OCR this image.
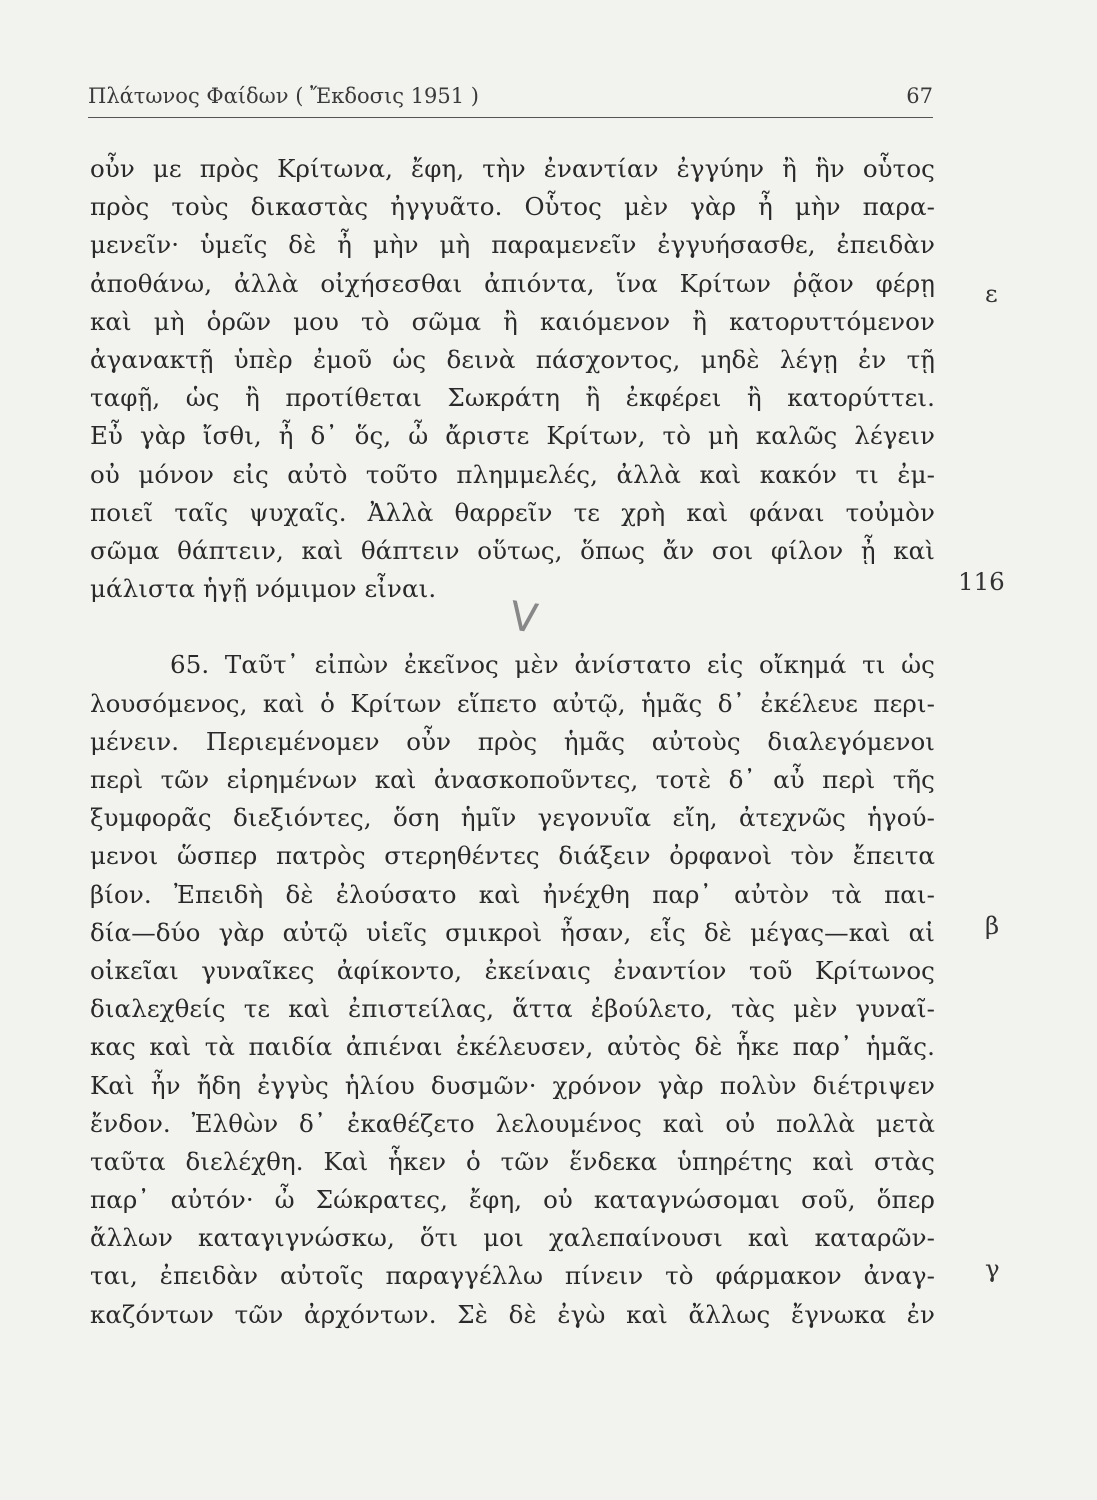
Πλάτωνος Φαίδων ( Ἔκδοσις 1951 )	67
οὖν με πρὸς Κρίτωνα, ἔφη, τὴν ἐναντίαν ἐγγύην ἢ ἣν οὗτος
πρὸς τοὺς δικαστὰς ἠγγυᾶτο. Οὗτος μὲν γὰρ ἦ μὴν παρα-
μενεῖν· ὑμεῖς δὲ ἦ μὴν μὴ παραμενεῖν ἐγγυήσασθε, ἐπειδὰν
ἀποθάνω, ἀλλὰ οἰχήσεσθαι ἀπιόντα, ἵνα Κρίτων ῥᾷον φέρῃ
καὶ μὴ ὁρῶν μου τὸ σῶμα ἢ καιόμενον ἢ κατορυττόμενον
ἀγανακτῇ ὑπὲρ ἐμοῦ ὡς δεινὰ πάσχοντος, μηδὲ λέγῃ ἐν τῇ
ταφῇ, ὡς ἢ προτίθεται Σωκράτη ἢ ἐκφέρει ἢ κατορύττει.
Εὖ γὰρ ἴσθι, ἦ δ᾽ ὅς, ὦ ἄριστε Κρίτων, τὸ μὴ καλῶς λέγειν
οὐ μόνον εἰς αὐτὸ τοῦτο πλημμελές, ἀλλὰ καὶ κακόν τι ἐμ-
ποιεῖ ταῖς ψυχαῖς. Ἀλλὰ θαρρεῖν τε χρὴ καὶ φάναι τοὐμὸν
σῶμα θάπτειν, καὶ θάπτειν οὕτως, ὅπως ἄν σοι φίλον ᾖ καὶ
μάλιστα ἡγῇ νόμιμον εἶναι.
65. Ταῦτ᾽ εἰπὼν ἐκεῖνος μὲν ἀνίστατο εἰς οἴκημά τι ὡς
λουσόμενος, καὶ ὁ Κρίτων εἵπετο αὐτῷ, ἡμᾶς δ᾽ ἐκέλευε περι-
μένειν. Περιεμένομεν οὖν πρὸς ἡμᾶς αὐτοὺς διαλεγόμενοι
περὶ τῶν εἰρημένων καὶ ἀνασκοποῦντες, τοτὲ δ᾽ αὖ περὶ τῆς
ξυμφορᾶς διεξιόντες, ὅση ἡμῖν γεγονυῖα εἴη, ἀτεχνῶς ἡγού-
μενοι ὥσπερ πατρὸς στερηθέντες διάξειν ὀρφανοὶ τὸν ἔπειτα
βίον. Ἐπειδὴ δὲ ἐλούσατο καὶ ἠνέχθη παρ᾽ αὐτὸν τὰ παι-
δία—δύο γὰρ αὐτῷ υἱεῖς σμικροὶ ἦσαν, εἷς δὲ μέγας—καὶ αἱ
οἰκεῖαι γυναῖκες ἀφίκοντο, ἐκείναις ἐναντίον τοῦ Κρίτωνος
διαλεχθείς τε καὶ ἐπιστείλας, ἅττα ἐβούλετο, τὰς μὲν γυναῖ-
κας καὶ τὰ παιδία ἀπιέναι ἐκέλευσεν, αὐτὸς δὲ ἧκε παρ᾽ ἡμᾶς.
Καὶ ἦν ἤδη ἐγγὺς ἡλίου δυσμῶν· χρόνον γὰρ πολὺν διέτριψεν
ἔνδον. Ἐλθὼν δ᾽ ἐκαθέζετο λελουμένος καὶ οὐ πολλὰ μετὰ
ταῦτα διελέχθη. Καὶ ἧκεν ὁ τῶν ἕνδεκα ὑπηρέτης καὶ στὰς
παρ᾽ αὐτόν· ὦ Σώκρατες, ἔφη, οὐ καταγνώσομαι σοῦ, ὅπερ
ἄλλων καταγιγνώσκω, ὅτι μοι χαλεπαίνουσι καὶ καταρῶν-
ται, ἐπειδὰν αὐτοῖς παραγγέλλω πίνειν τὸ φάρμακον ἀναγ-
καζόντων τῶν ἀρχόντων. Σὲ δὲ ἐγὼ καὶ ἄλλως ἔγνωκα ἐν
ε
116
β
γ
V
